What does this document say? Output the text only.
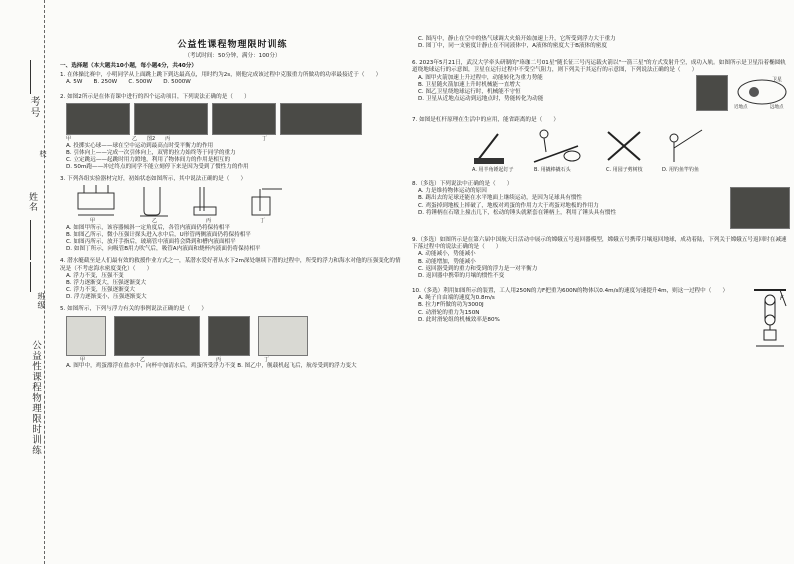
考号
校
姓名
班级
公益性课程物理限时训练
公益性课程物理限时训练
（考试时间：50分钟，满分：100分）
一、选择题（本大题共10小题，每小题4分，共40分）
1. 在体操比赛中，小明同学从上面跳上跳下到达最高点，用时约为2s，则他完成该过程中克服重力所做功的功率最接近于（　　）
A. 5W　　B. 250W　　C. 500W　　D. 5000W
2. 如图2所示是在体育课中进行的四个运动项目，下列说法正确的是（　　）
甲	乙　　图2　　丙	丁
A. 投掷实心球——球在空中运动到最高点时受平衡力的作用
B. 引体向上——完成一次引体向上，双臂的拉力始终等于同学的重力
C. 立定跳远——起跳时用力蹬地，利用了物体间力的作用是相互的
D. 50m跑——冲过终点的同学不能立刻停下来是因为受到了惯性力的作用
3. 下列各组实验器材完好，初始状态如图所示，其中说法正确的是（　　）
甲	乙	丙	丁
A. 如图甲所示，该容器倾斜一定角度后，各管内液面仍将保持相平
B. 如图乙所示，微小压强计探头进入水中后，U形管两侧液面仍将保持相平
C. 如图丙所示，放开手指后，玻璃管中液面将会降到和槽内液面相平
D. 如图丁所示，向吸管B用力吹气后，吸管A内液面和烧杯内液面仍将保持相平
4. 潜水艇截至是人们最有效的救援作业方式之一，某潜水爱好者从水下2m深处继续下潜的过程中，所受的浮力和海水对他的压强变化的情况是（不考虑海水密度变化）（　　）
A. 浮力不变，压强不变
B. 浮力逐渐变大，压强逐渐变大
C. 浮力不变，压强逐渐变大
D. 浮力逐渐变小，压强逐渐变大
5. 如图所示，下列与浮力有关的事例说法正确的是（　　）
甲	乙	丙	丁
A. 图甲中，鸡蛋漂浮在盐水中，向杯中加清水后，鸡蛋所受浮力不变 B. 图乙中，舰载机起飞后，航母受到的浮力变大
C. 图丙中，静止在空中的热气球调大火焰开始加速上升，它所受到浮力大于重力
D. 图丁中，同一支密度计静止在不同液体中，A液体的密度大于B液体的密度
6. 2023年5月21日，武汉大学牵头研制的"珞珈二号01星"随长征三号丙运载火箭以"一箭三星"的方式发射升空，成功入轨。如图所示是卫星沿着椭圆轨道绕地球运行的示意图，卫星在运行过程中不受空气阻力，则下列关于其运行的示意图，下列说法正确的是（　　）
A. 图甲火箭加速上升过程中，动能转化为重力势能
B. 卫星随火箭加速上升时机械能一直增大
C. 图乙卫星绕地球运行时，机械能不守恒
D. 卫星从近地点运动到远地点时，势能转化为动能
卫星
近地点	远地点
7. 如图是杠杆原理在生活中的应用，能省距离的是（　　）
A. 用羊角锤起钉子	B. 用撬棒撬石头	C. 用园子剪树枝	D. 用钓鱼竿钓鱼
8.（多选）下列说法中正确的是（　　）
A. 力是维持物体运动的原因
B. 踢出去的足球还能在水平地面上继续运动，是因为足球具有惯性
C. 鸡蛋掉到地板上摔破了，地板对鸡蛋的作用力大于鸡蛋对地板的作用力
D. 将锤柄在石墩上撞击几下，松动的锤头就紧套在锤柄上，利用了锤头具有惯性
9.（多选）如图所示是在第六届中国航天日活动中展示的嫦娥五号返回器模型，嫦娥五号携带月壤返回地球，成功着陆，下列关于嫦娥五号返回时在减速下落过程中的说法正确的是（　　）
A. 动能减小，势能减小
B. 动能增加，势能减小
C. 返回器受到的重力和受到的浮力是一对平衡力
D. 返回器中携带的月壤的惯性不变
10.（多选）利用如图所示的装置，工人用250N的力F把重为600N的物体以0.4m/s的速度匀速提升4m，则这一过程中（　　）
A. 绳子自由端的速度为0.8m/s
B. 拉力F所做的功为3000J
C. 动滑轮的重力为150N
D. 此时滑轮组的机械效率是80%
F
